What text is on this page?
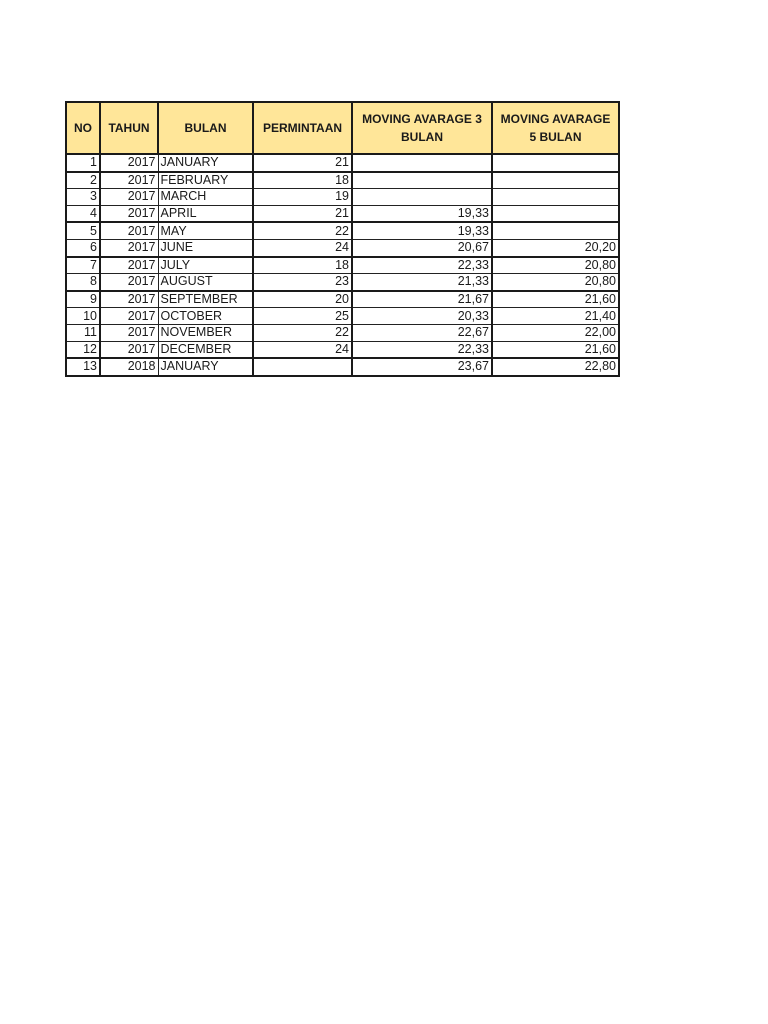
NO	TAHUN	BULAN	PERMINTAAN	MOVING AVARAGE 3 BULAN	MOVING AVARAGE 5 BULAN
1	2017	JANUARY	21		
2	2017	FEBRUARY	18		
3	2017	MARCH	19		
4	2017	APRIL	21	19,33	
5	2017	MAY	22	19,33	
6	2017	JUNE	24	20,67	20,20
7	2017	JULY	18	22,33	20,80
8	2017	AUGUST	23	21,33	20,80
9	2017	SEPTEMBER	20	21,67	21,60
10	2017	OCTOBER	25	20,33	21,40
11	2017	NOVEMBER	22	22,67	22,00
12	2017	DECEMBER	24	22,33	21,60
13	2018	JANUARY		23,67	22,80
